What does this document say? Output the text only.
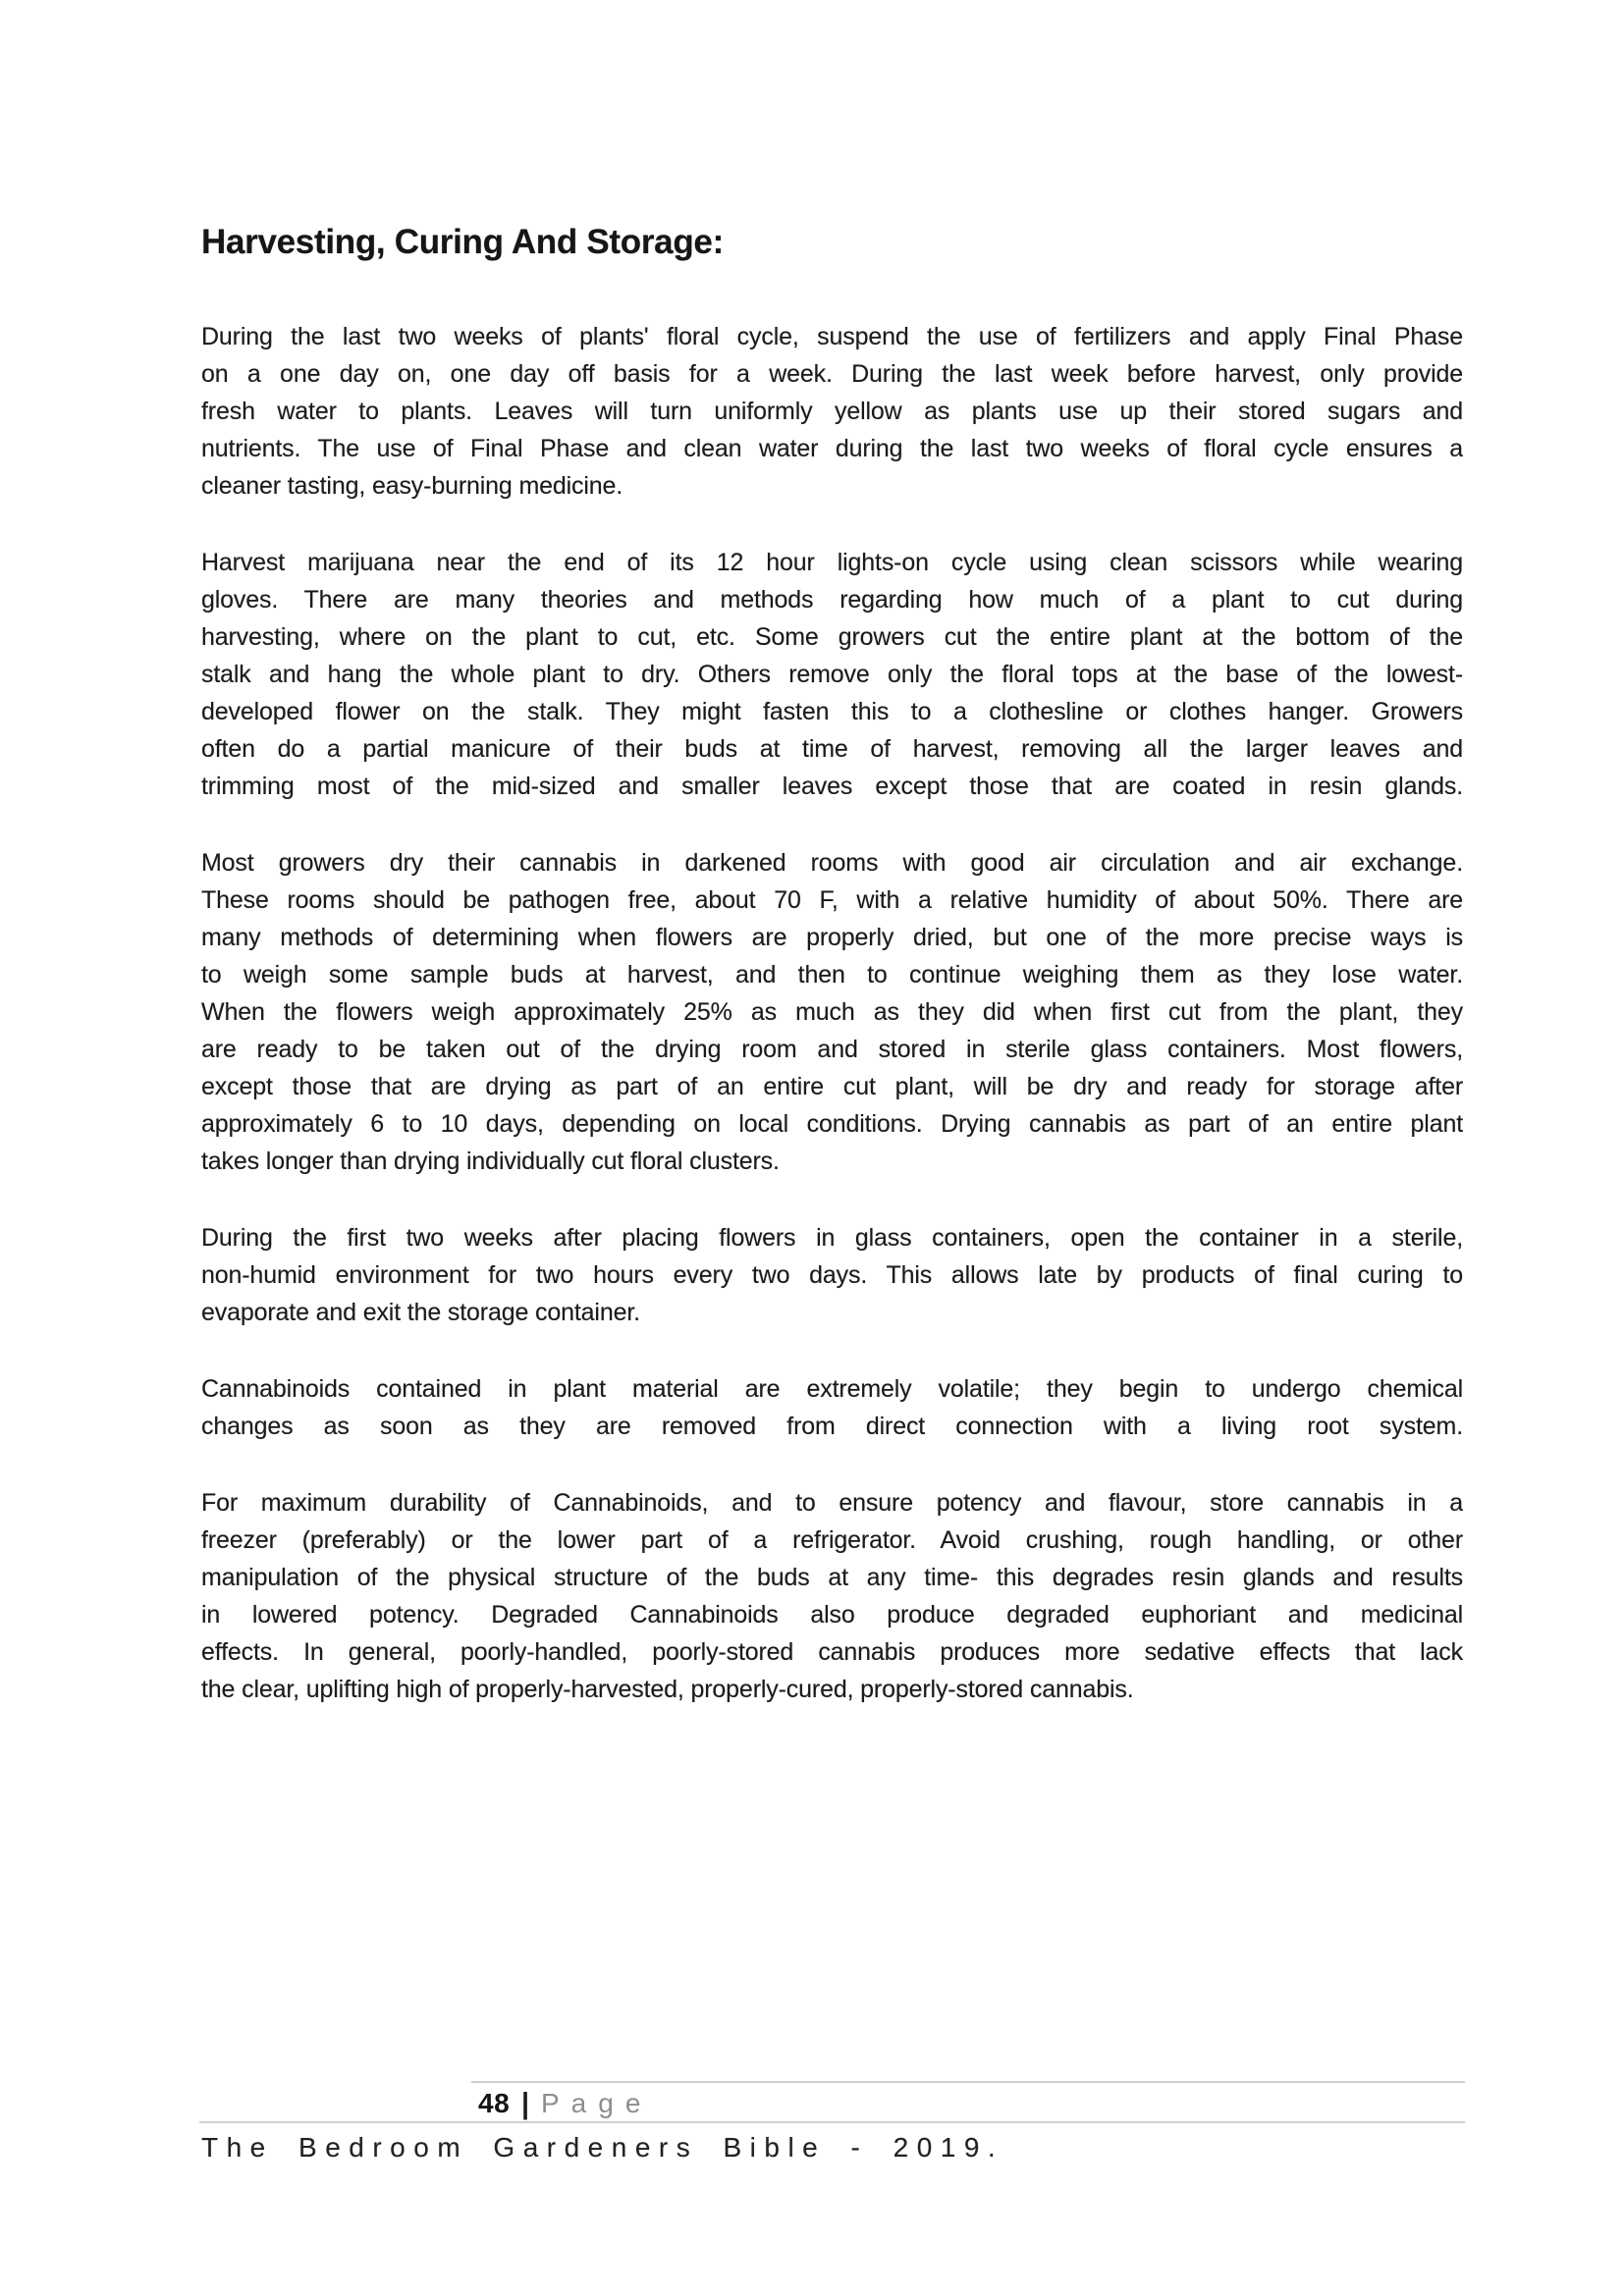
Harvesting, Curing And Storage:
During the last two weeks of plants' floral cycle, suspend the use of fertilizers and apply Final Phase
on a one day on, one day off basis for a week. During the last week before harvest, only provide
fresh water to plants. Leaves will turn uniformly yellow as plants use up their stored sugars and
nutrients. The use of Final Phase and clean water during the last two weeks of floral cycle ensures a
cleaner tasting, easy-burning medicine.
Harvest marijuana near the end of its 12 hour lights-on cycle using clean scissors while wearing
gloves. There are many theories and methods regarding how much of a plant to cut during
harvesting, where on the plant to cut, etc. Some growers cut the entire plant at the bottom of the
stalk and hang the whole plant to dry. Others remove only the floral tops at the base of the lowest-
developed flower on the stalk. They might fasten this to a clothesline or clothes hanger. Growers
often do a partial manicure of their buds at time of harvest, removing all the larger leaves and
trimming most of the mid-sized and smaller leaves except those that are coated in resin glands.
Most growers dry their cannabis in darkened rooms with good air circulation and air exchange.
These rooms should be pathogen free, about 70 F, with a relative humidity of about 50%. There are
many methods of determining when flowers are properly dried, but one of the more precise ways is
to weigh some sample buds at harvest, and then to continue weighing them as they lose water.
When the flowers weigh approximately 25% as much as they did when first cut from the plant, they
are ready to be taken out of the drying room and stored in sterile glass containers. Most flowers,
except those that are drying as part of an entire cut plant, will be dry and ready for storage after
approximately 6 to 10 days, depending on local conditions. Drying cannabis as part of an entire plant
takes longer than drying individually cut floral clusters.
During the first two weeks after placing flowers in glass containers, open the container in a sterile,
non-humid environment for two hours every two days. This allows late by products of final curing to
evaporate and exit the storage container.
Cannabinoids contained in plant material are extremely volatile; they begin to undergo chemical
changes as soon as they are removed from direct connection with a living root system.
For maximum durability of Cannabinoids, and to ensure potency and flavour, store cannabis in a
freezer (preferably) or the lower part of a refrigerator. Avoid crushing, rough handling, or other
manipulation of the physical structure of the buds at any time- this degrades resin glands and results
in lowered potency. Degraded Cannabinoids also produce degraded euphoriant and medicinal
effects. In general, poorly-handled, poorly-stored cannabis produces more sedative effects that lack
the clear, uplifting high of properly-harvested, properly-cured, properly-stored cannabis.
48 | Page
The Bedroom Gardeners Bible - 2019.
